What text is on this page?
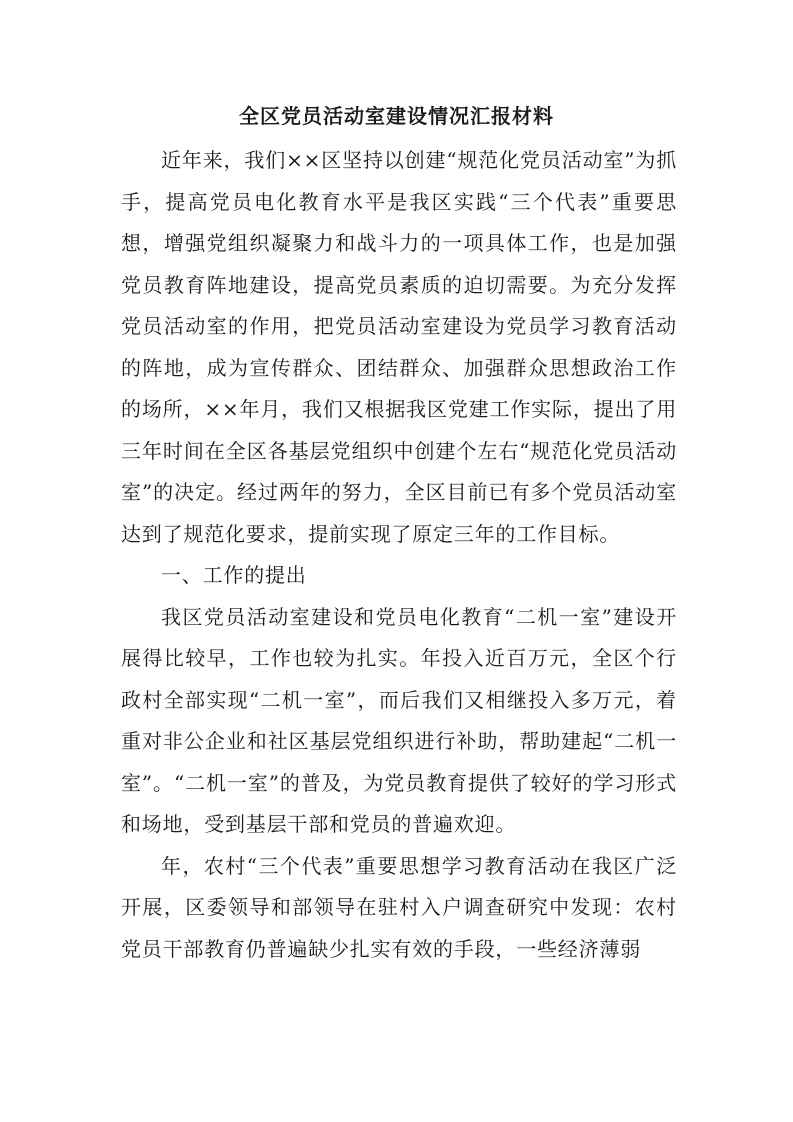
全区党员活动室建设情况汇报材料

近年来，我们××区坚持以创建“规范化党员活动室”为抓手，提高党员电化教育水平是我区实践“三个代表”重要思想，增强党组织凝聚力和战斗力的一项具体工作，也是加强党员教育阵地建设，提高党员素质的迫切需要。为充分发挥党员活动室的作用，把党员活动室建设为党员学习教育活动的阵地，成为宣传群众、团结群众、加强群众思想政治工作的场所，××年月，我们又根据我区党建工作实际，提出了用三年时间在全区各基层党组织中创建个左右“规范化党员活动室”的决定。经过两年的努力，全区目前已有多个党员活动室达到了规范化要求，提前实现了原定三年的工作目标。

一、工作的提出

我区党员活动室建设和党员电化教育“二机一室”建设开展得比较早，工作也较为扎实。年投入近百万元，全区个行政村全部实现“二机一室”，而后我们又相继投入多万元，着重对非公企业和社区基层党组织进行补助，帮助建起“二机一室”。“二机一室”的普及，为党员教育提供了较好的学习形式和场地，受到基层干部和党员的普遍欢迎。

年，农村“三个代表”重要思想学习教育活动在我区广泛开展，区委领导和部领导在驻村入户调查研究中发现：农村党员干部教育仍普遍缺少扎实有效的手段，一些经济薄弱
